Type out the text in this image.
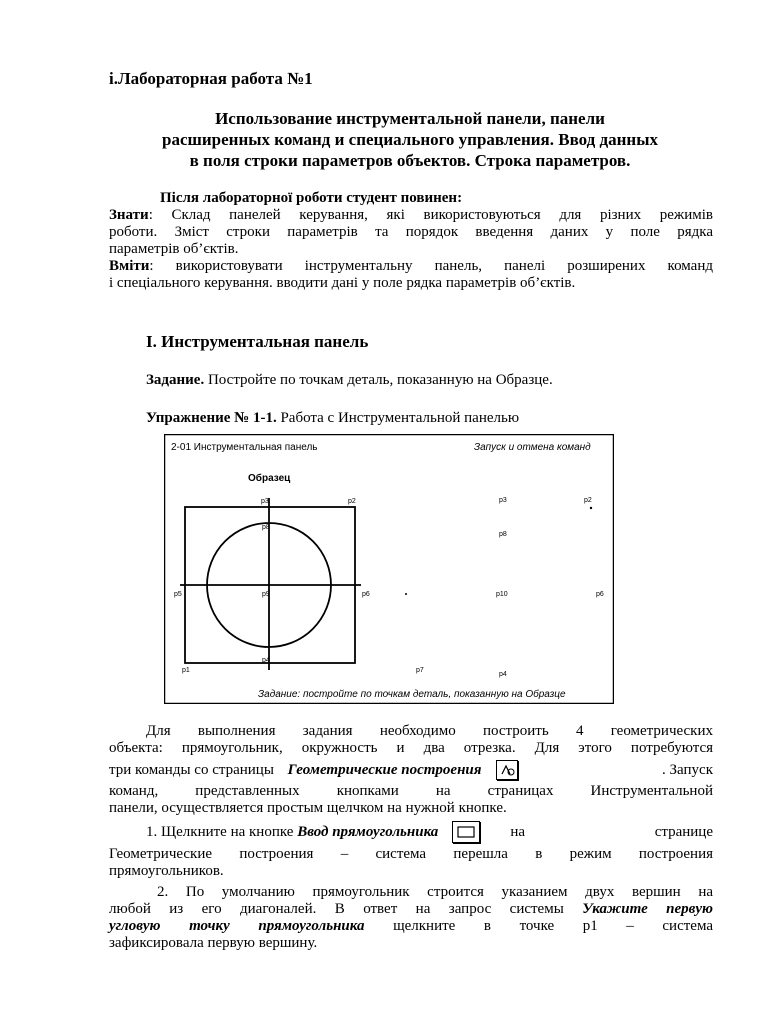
і.Лабораторная работа №1
Использование инструментальной панели, панели
расширенных команд и специального управления. Ввод данных
в поля строки параметров объектов. Строка параметров.
Після лабораторної роботи студент повинен:
Знати: Склад панелей керування, які використовуються для різних режимів
роботи. Зміст строки параметрів та порядок введення даних у поле рядка
параметрів об’єктів.
Вміти: використовувати інструментальну панель, панелі розширених команд
і спеціального керування. вводити дані у поле рядка параметрів об’єктів.
I. Инструментальная панель
Задание. Постройте по точкам деталь, показанную на Образце.
Упражнение № 1-1. Работа с Инструментальной панелью
2-01 Инструментальная панель	Запуск и отмена команд
Образец
p3	p2
p8
p5	p9	p6
p1
p4
p3	p2
p8
p10	p6
p7
p4
Задание: постройте по точкам деталь, показанную на Образце
Для выполнения задания необходимо построить 4 геометрических
объекта: прямоугольник, окружность и два отрезка. Для этого потребуются
три команды со страницы Геометрические построения	. Запуск
команд, представленных кнопками на страницах Инструментальной
панели, осуществляется простым щелчком на нужной кнопке.
1. Щелкните на кнопке Ввод прямоугольника	на странице
Геометрические построения – система перешла в режим построения
прямоугольников.
2. По умолчанию прямоугольник строится указанием двух вершин на
любой из его диагоналей. В ответ на запрос системы Укажите первую
угловую точку прямоугольника щелкните в точке p1 – система
зафиксировала первую вершину.
